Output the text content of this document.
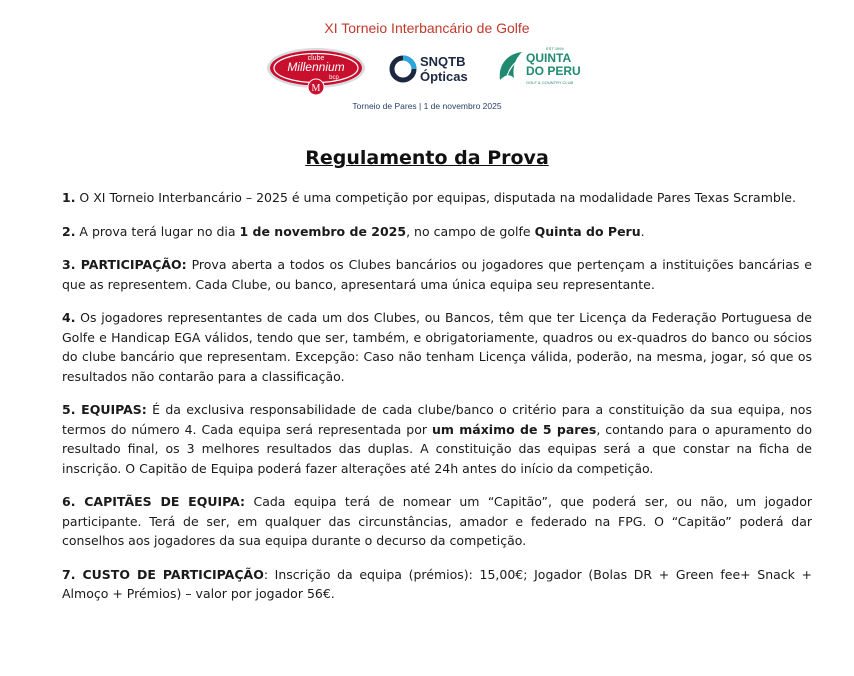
XI Torneio Interbancário de Golfe
clube
Millennium
bcp
M
SNQTB
Ópticas
EST 1994
QUINTA
DO PERU
GOLF & COUNTRY CLUB
Torneio de Pares | 1 de novembro 2025
Regulamento da Prova

1. O XI Torneio Interbancário – 2025 é uma competição por equipas, disputada na modalidade Pares Texas Scramble.

2. A prova terá lugar no dia 1 de novembro de 2025, no campo de golfe Quinta do Peru.

3. PARTICIPAÇÃO: Prova aberta a todos os Clubes bancários ou jogadores que pertençam a instituições bancárias e que as representem. Cada Clube, ou banco, apresentará uma única equipa seu representante.

4. Os jogadores representantes de cada um dos Clubes, ou Bancos, têm que ter Licença da Federação Portuguesa de Golfe e Handicap EGA válidos, tendo que ser, também, e obrigatoriamente, quadros ou ex-quadros do banco ou sócios do clube bancário que representam. Excepção: Caso não tenham Licença válida, poderão, na mesma, jogar, só que os resultados não contarão para a classificação.

5. EQUIPAS: É da exclusiva responsabilidade de cada clube/banco o critério para a constituição da sua equipa, nos termos do número 4. Cada equipa será representada por um máximo de 5 pares, contando para o apuramento do resultado final, os 3 melhores resultados das duplas. A constituição das equipas será a que constar na ficha de inscrição. O Capitão de Equipa poderá fazer alterações até 24h antes do início da competição.

6. CAPITÃES DE EQUIPA: Cada equipa terá de nomear um “Capitão”, que poderá ser, ou não, um jogador participante. Terá de ser, em qualquer das circunstâncias, amador e federado na FPG. O “Capitão” poderá dar conselhos aos jogadores da sua equipa durante o decurso da competição.

7. CUSTO DE PARTICIPAÇÃO: Inscrição da equipa (prémios): 15,00€; Jogador (Bolas DR + Green fee+ Snack + Almoço + Prémios) – valor por jogador 56€.
